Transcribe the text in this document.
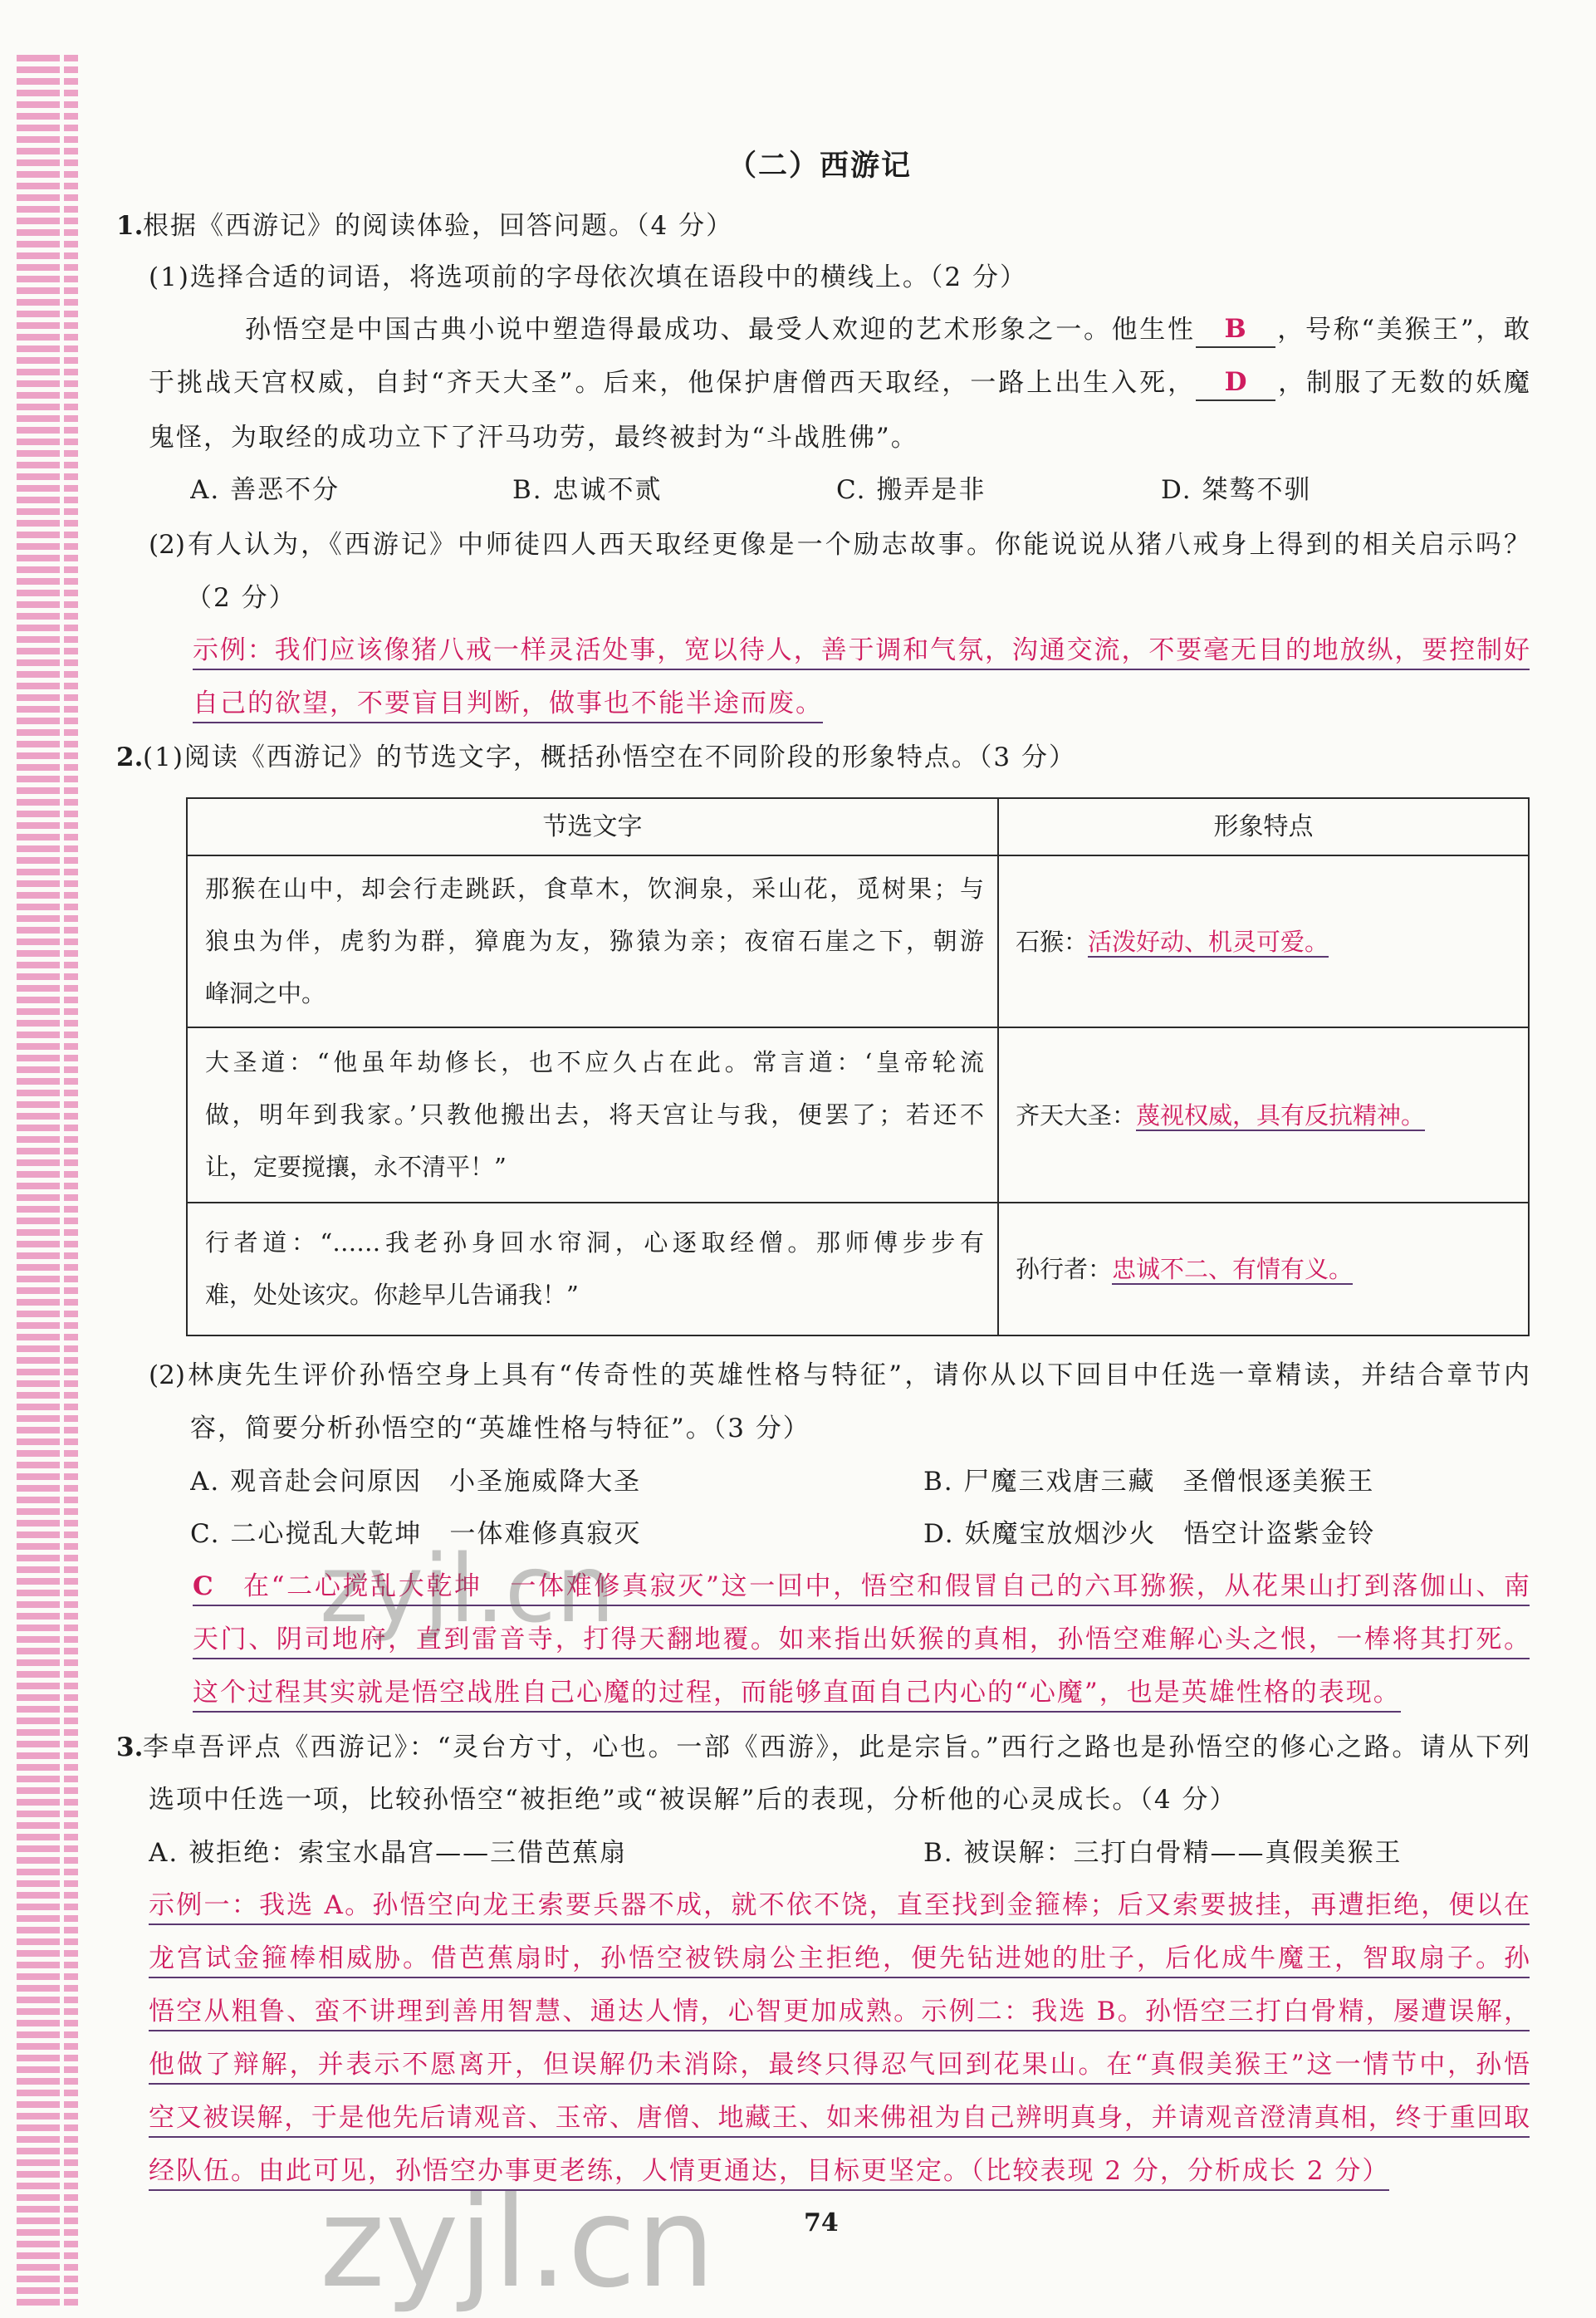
（二）西游记
1. 根据《西游记》的阅读体验，回答问题。（4 分）
(1)选择合适的词语，将选项前的字母依次填在语段中的横线上。（2 分）
孙悟空是中国古典小说中塑造得最成功、最受人欢迎的艺术形象之一。他生性 B ，号称“美猴王”，敢
于挑战天宫权威，自封“齐天大圣”。后来，他保护唐僧西天取经，一路上出生入死， D ，制服了无数的妖魔
鬼怪，为取经的成功立下了汗马功劳，最终被封为“斗战胜佛”。
A. 善恶不分	B. 忠诚不贰	C. 搬弄是非	D. 桀骜不驯
(2)有人认为，《西游记》中师徒四人西天取经更像是一个励志故事。你能说说从猪八戒身上得到的相关启示吗？
（2 分）
示例：我们应该像猪八戒一样灵活处事，宽以待人，善于调和气氛，沟通交流，不要毫无目的地放纵，要控制好
自己的欲望，不要盲目判断，做事也不能半途而废。
2. (1)阅读《西游记》的节选文字，概括孙悟空在不同阶段的形象特点。（3 分）
节选文字	形象特点
那猴在山中，却会行走跳跃，食草木，饮涧泉，采山花，觅树果；与
狼虫为伴，虎豹为群，獐鹿为友，猕猿为亲；夜宿石崖之下，朝游
峰洞之中。
石猴：活泼好动、机灵可爱。
大圣道：“他虽年劫修长，也不应久占在此。常言道：‘皇帝轮流
做，明年到我家。’只教他搬出去，将天宫让与我，便罢了；若还不
让，定要搅攘，永不清平！”
齐天大圣：蔑视权威，具有反抗精神。
行者道：“……我老孙身回水帘洞，心逐取经僧。那师傅步步有
难，处处该灾。你趁早儿告诵我！”
孙行者：忠诚不二、有情有义。
(2)林庚先生评价孙悟空身上具有“传奇性的英雄性格与特征”，请你从以下回目中任选一章精读，并结合章节内
容，简要分析孙悟空的“英雄性格与特征”。（3 分）
A. 观音赴会问原因　小圣施威降大圣	B. 尸魔三戏唐三藏　圣僧恨逐美猴王
C. 二心搅乱大乾坤　一体难修真寂灭	D. 妖魔宝放烟沙火　悟空计盗紫金铃
C　在“二心搅乱大乾坤　一体难修真寂灭”这一回中，悟空和假冒自己的六耳猕猴，从花果山打到落伽山、南
天门、阴司地府，直到雷音寺，打得天翻地覆。如来指出妖猴的真相，孙悟空难解心头之恨，一棒将其打死。
这个过程其实就是悟空战胜自己心魔的过程，而能够直面自己内心的“心魔”，也是英雄性格的表现。
3. 李卓吾评点《西游记》：“灵台方寸，心也。一部《西游》，此是宗旨。”西行之路也是孙悟空的修心之路。请从下列
选项中任选一项，比较孙悟空“被拒绝”或“被误解”后的表现，分析他的心灵成长。（4 分）
A. 被拒绝：索宝水晶宫——三借芭蕉扇	B. 被误解：三打白骨精——真假美猴王
示例一：我选 A。孙悟空向龙王索要兵器不成，就不依不饶，直至找到金箍棒；后又索要披挂，再遭拒绝，便以在
龙宫试金箍棒相威胁。借芭蕉扇时，孙悟空被铁扇公主拒绝，便先钻进她的肚子，后化成牛魔王，智取扇子。孙
悟空从粗鲁、蛮不讲理到善用智慧、通达人情，心智更加成熟。示例二：我选 B。孙悟空三打白骨精，屡遭误解，
他做了辩解，并表示不愿离开，但误解仍未消除，最终只得忍气回到花果山。在“真假美猴王”这一情节中，孙悟
空又被误解，于是他先后请观音、玉帝、唐僧、地藏王、如来佛祖为自己辨明真身，并请观音澄清真相，终于重回取
经队伍。由此可见，孙悟空办事更老练，人情更通达，目标更坚定。（比较表现 2 分，分析成长 2 分）
74
zyjl.cn
zyjl.cn
